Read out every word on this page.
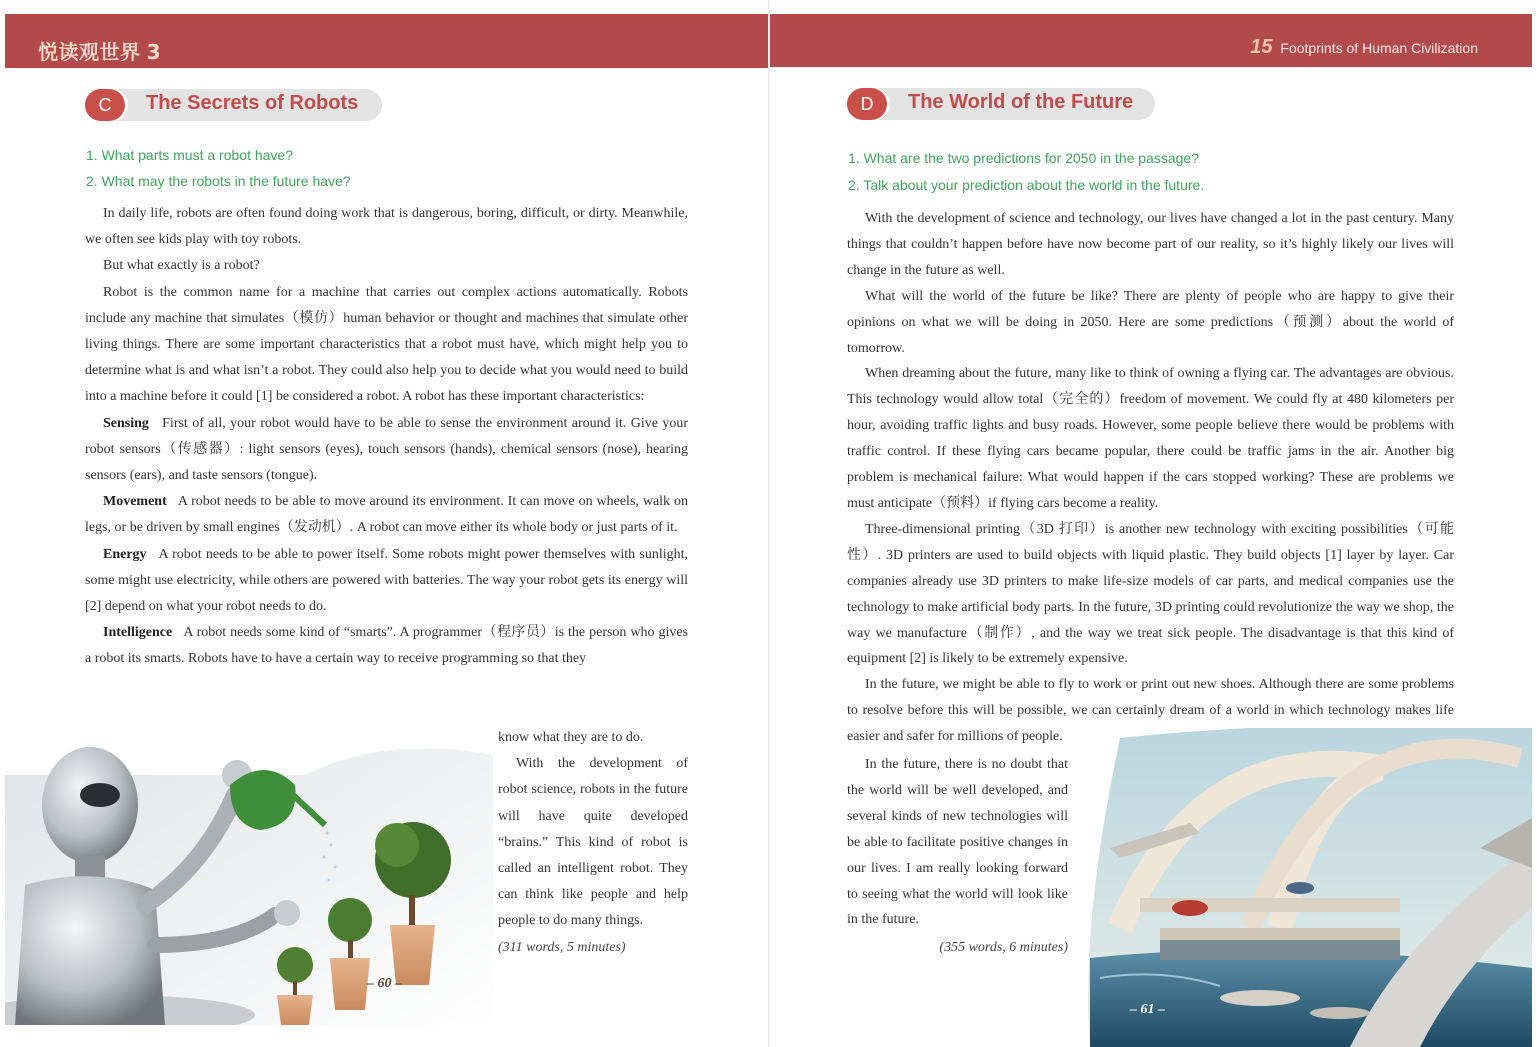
悦读观世界 3
C	The Secrets of Robots
1. What parts must a robot have?
2. What may the robots in the future have?

In daily life, robots are often found doing work that is dangerous, boring, difficult, or dirty. Meanwhile, we often see kids play with toy robots.

But what exactly is a robot?

Robot is the common name for a machine that carries out complex actions automatically. Robots include any machine that simulates（模仿）human behavior or thought and machines that simulate other living things. There are some important characteristics that a robot must have, which might help you to determine what is and what isn’t a robot. They could also help you to decide what you would need to build into a machine before it could [1] be considered a robot. A robot has these important characteristics:

Sensing First of all, your robot would have to be able to sense the environment around it. Give your robot sensors（传感器）: light sensors (eyes), touch sensors (hands), chemical sensors (nose), hearing sensors (ears), and taste sensors (tongue).

Movement A robot needs to be able to move around its environment. It can move on wheels, walk on legs, or be driven by small engines（发动机）. A robot can move either its whole body or just parts of it.

Energy A robot needs to be able to power itself. Some robots might power themselves with sunlight, some might use electricity, while others are powered with batteries. The way your robot gets its energy will [2] depend on what your robot needs to do.

Intelligence A robot needs some kind of “smarts”. A programmer（程序员）is the person who gives a robot its smarts. Robots have to have a certain way to receive programming so that they

know what they are to do.

With the development of robot science, robots in the future will have quite developed “brains.” This kind of robot is called an intelligent robot. They can think like people and help people to do many things.

(311 words, 5 minutes)

– 60 –
15 Footprints of Human Civilization
D	The World of the Future
1. What are the two predictions for 2050 in the passage?
2. Talk about your prediction about the world in the future.

With the development of science and technology, our lives have changed a lot in the past century. Many things that couldn’t happen before have now become part of our reality, so it’s highly likely our lives will change in the future as well.

What will the world of the future be like? There are plenty of people who are happy to give their opinions on what we will be doing in 2050. Here are some predictions（预测）about the world of tomorrow.

When dreaming about the future, many like to think of owning a flying car. The advantages are obvious. This technology would allow total（完全的）freedom of movement. We could fly at 480 kilometers per hour, avoiding traffic lights and busy roads. However, some people believe there would be problems with traffic control. If these flying cars became popular, there could be traffic jams in the air. Another big problem is mechanical failure: What would happen if the cars stopped working? These are problems we must anticipate（预料）if flying cars become a reality.

Three-dimensional printing（3D 打印）is another new technology with exciting possibilities（可能性）. 3D printers are used to build objects with liquid plastic. They build objects [1] layer by layer. Car companies already use 3D printers to make life-size models of car parts, and medical companies use the technology to make artificial body parts. In the future, 3D printing could revolutionize the way we shop, the way we manufacture（制作）, and the way we treat sick people. The disadvantage is that this kind of equipment [2] is likely to be extremely expensive.

In the future, we might be able to fly to work or print out new shoes. Although there are some problems to resolve before this will be possible, we can certainly dream of a world in which technology makes life easier and safer for millions of people.

In the future, there is no doubt that the world will be well developed, and several kinds of new technologies will be able to facilitate positive changes in our lives. I am really looking forward to seeing what the world will look like in the future.

(355 words, 6 minutes)

– 61 –
